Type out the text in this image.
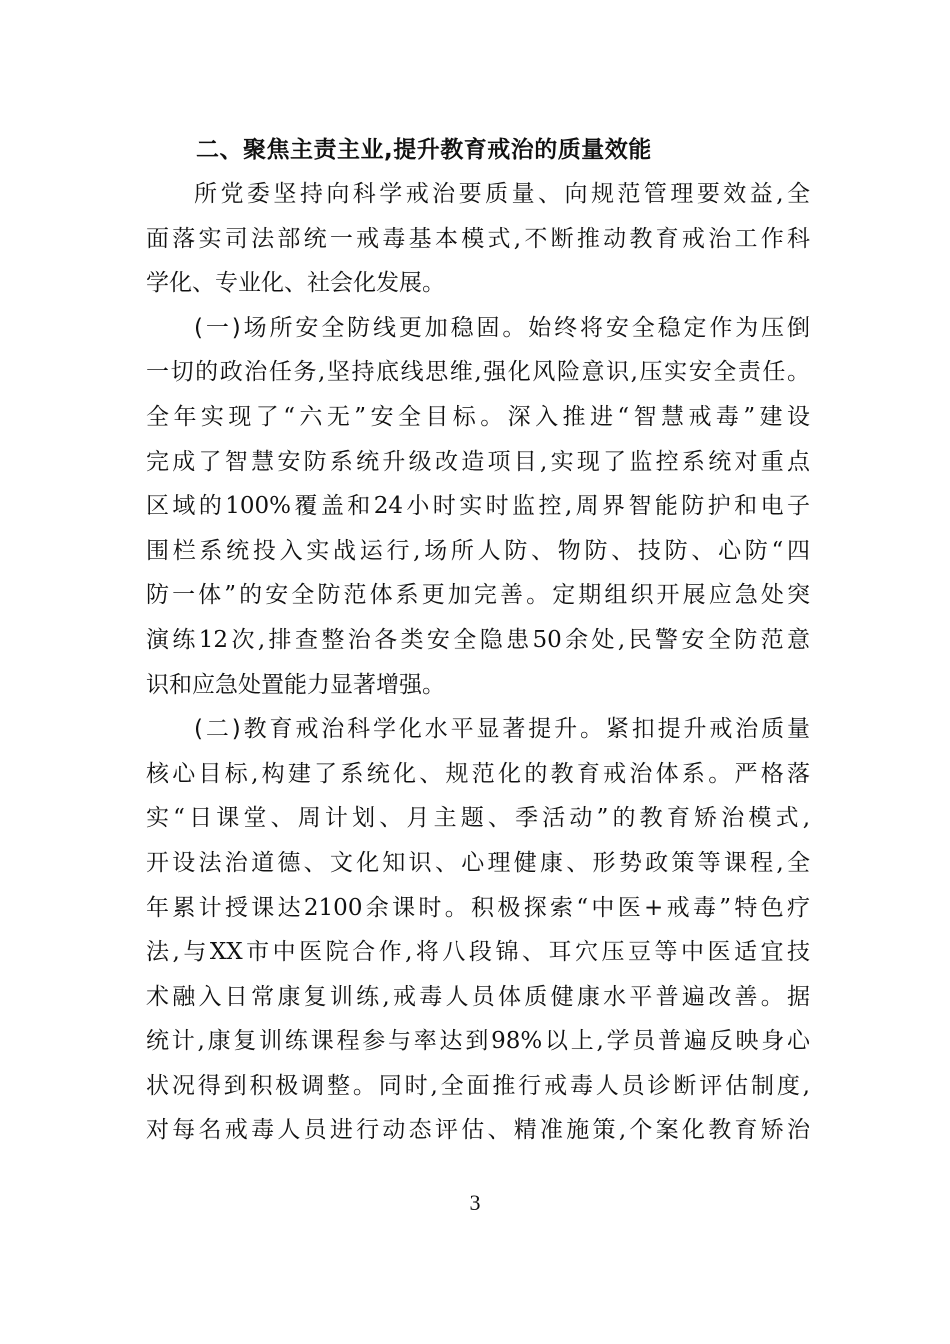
二、聚焦主责主业,提升教育戒治的质量效能
所党委坚持向科学戒治要质量、向规范管理要效益,全
面落实司法部统一戒毒基本模式,不断推动教育戒治工作科
学化、专业化、社会化发展。
(一)场所安全防线更加稳固。始终将安全稳定作为压倒
一切的政治任务,坚持底线思维,强化风险意识,压实安全责任。
全年实现了“六无”安全目标。深入推进“智慧戒毒”建设
完成了智慧安防系统升级改造项目,实现了监控系统对重点
区域的100%覆盖和24小时实时监控,周界智能防护和电子
围栏系统投入实战运行,场所人防、物防、技防、心防“四
防一体”的安全防范体系更加完善。定期组织开展应急处突
演练12次,排查整治各类安全隐患50余处,民警安全防范意
识和应急处置能力显著增强。
(二)教育戒治科学化水平显著提升。紧扣提升戒治质量
核心目标,构建了系统化、规范化的教育戒治体系。严格落
实“日课堂、周计划、月主题、季活动”的教育矫治模式,
开设法治道德、文化知识、心理健康、形势政策等课程,全
年累计授课达2100余课时。积极探索“中医+戒毒”特色疗
法,与XX市中医院合作,将八段锦、耳穴压豆等中医适宜技
术融入日常康复训练,戒毒人员体质健康水平普遍改善。据
统计,康复训练课程参与率达到98%以上,学员普遍反映身心
状况得到积极调整。同时,全面推行戒毒人员诊断评估制度,
对每名戒毒人员进行动态评估、精准施策,个案化教育矫治
3
